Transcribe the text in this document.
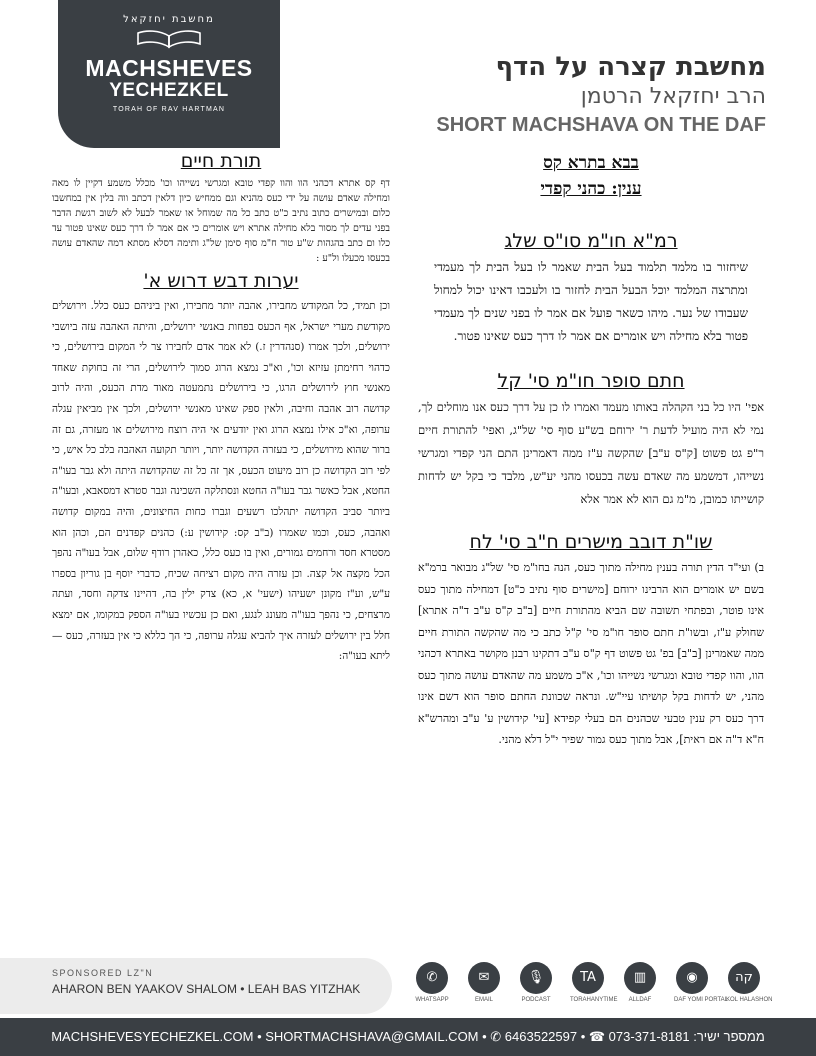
מחשבת יחזקאל
MACHSHEVES
YECHEZKEL
TORAH OF RAV HARTMAN
מחשבת קצרה על הדף
הרב יחזקאל הרטמן
SHORT MACHSHAVA ON THE DAF
בבא בתרא קס
ענין: כהני קפדי
רמ"א חו"מ סו"ס שלג
שיחזור בו מלמד תלמוד בעל הבית שאמר לו בעל הבית לך מעמדי ומתרצה המלמד יוכל הבעל הבית לחזור בו ולעכבו דאינו יכול למחול שעבודו של נער. מיהו כשאר פועל אם אמר לו בפני שנים לך מעמדי פטור בלא מחילה ויש אומרים אם אמר לו דרך כעס שאינו פטור.
חתם סופר חו"מ סי' קל
אפי' היו כל בני הקהלה באותו מעמד ואמרו לו כן על דרך כעס אנו מוחלים לך, נמי לא היה מועיל לדעת ר' ירוחם בש"ע סוף סי' של"ג, ואפי' להתורת חיים ר"פ גט פשוט [ק"ס ע"ב] שהקשה ע"ז ממה דאמרינן התם הני קפדי ומגרשי נשייהו, דמשמע מה שאדם עשה בכעסו מהני יע"ש, מלבד כי בקל יש לדחות קושייתו כמובן, מ"מ גם הוא לא אמר אלא
שו"ת דובב מישרים ח"ב סי' לח
ב) ועי"ד הדין תורה בענין מחילה מתוך כעס, הנה בחו"מ סי' של"ג מבואר ברמ"א בשם יש אומרים הוא הרבינו ירוחם [מישרים סוף נתיב כ"ט] דמחילה מתוך כעס אינו פוטר, ובפתחי תשובה שם הביא מהתורת חיים [ב"ב ק"ס ע"ב ד"ה אתרא] שחולק ע"ז, ובשו"ת חתם סופר חו"מ סי' ק"ל כתב כי מה שהקשה התורת חיים ממה שאמרינן [ב"ב] בפ' גט פשוט דף ק"ס ע"ב דתקינו רבנן מקושר באתרא דכהני הוו, והוו קפדי טובא ומגרשי נשייהו וכו', א"כ משמע מה שהאדם עושה מתוך כעס מהני, יש לדחות בקל קושיתו עיי"ש. ונראה שכוונת החתם סופר הוא דשם אינו דרך כעס רק ענין טבעי שכהנים הם בעלי קפידא [עי' קידושין ע' ע"ב ומהרש"א ח"א ד"ה אם ראית], אבל מתוך כעס גמור שפיר י"ל דלא מהני.
תורת חיים
דף קס אתרא דכהני הוו והוו קפדי טובא ומגרשי נשייהו וכו' מכלל משמע דקיין לו מאה ומחילה שאדם עושה על ידי כעס מהניא וגם ממחיש כיון דלאין דכתב ווה בלין אין במחשבו כלום ובמישרים כתוב נתיב כ"ט כתב כל מה שמוחל או שאמר לבעל לא לשוב רגשת הדבר בפני עדים לך מסור בלא מחילה אתרא ויש אומרים כי אם אמר לו דרך כעס שאינו פטור עד כלו ום כתב בהגהות ש"ע טור ח"מ סוף סימן של"ג ותימה דסלא מסתא דמה שהאדם עושה בכעסו מכעלו ול"ע :
יערות דבש דרוש א'
וכן תמיד, כל המקודש מחבירו, אהבה יותר מחבירו, ואין ביניהם כעס כלל. וירושלים מקודשת מערי ישראל, אף הכעס בפחות באנשי ירושלים, והיתה האהבה עזה ביושבי ירושלים, ולכך אמרו (סנהדרין ז.) לא אמר אדם לחבירו צר לי המקום בירושלים, כי כדהוי רחימתן עזיזא וכו', וא"כ נמצא הרוג סמוך לירושלים, הרי זה בחוקת שאחד מאנשי חוץ לירושלים הרגו, כי בירושלים נתמעטה מאוד מדת הכעס, והיה לרוב קדושה רוב אהבה וחיבה, ולאין ספק שאינו מאנשי ירושלים, ולכך אין מביאין עגלה ערופה, וא"כ אילו נמצא הרוג ואין יודעים אי היה רוצח מירושלים או מעזרה, גם זה ברור שהוא מירושלים, כי בעזרה הקדושה יותר, ויותר תקועה האהבה בלב כל איש, כי לפי רוב הקדושה כן רוב מיעוט הכעס, אך זה כל זה שהקדושה היתה ולא גבר בעו"ה החטא, אבל כאשר גבר בעו"ה החטא ונסתלקה השכינה וגבר סטרא דמסאבא, ובעו"ה ביותר סביב הקדושה יתהלכו רשעים וגברו כחות החיצונים, והיה במקום קדושה ואהבה, כעס, וכמו שאמרו (ב"ב קס: קידושין ע:) כהנים קפדנים הם, וכהן הוא מסטרא חסד ורחמים גמורים, ואין בו כעס כלל, כאהרן רודף שלום, אבל בעו"ה נהפך הכל מקצה אל קצה. וכן עזרה היה מקום רציחה שכיח, כדברי יוסף בן גוריון בספרו ע"ש, וע"ז מקונן ישעיהו (ישעי' א, כא) צדק ילין בה, דהיינו צדקה וחסד, ועתה מרצחים, כי נהפך בעו"ה מעונג לנגע, ואם כן עכשיו בעו"ה הספק במקומו, אם ימצא חלל בין ירושלים לעזרה איך להביא עגלה ערופה, כי הך כללא כי אין בעזרה, כעס — ליתא בעו"ה:
SPONSORED LZ"N
AHARON BEN YAAKOV SHALOM • LEAH BAS YITZHAK
✆
WHATSAPP
✉
EMAIL
🎙
PODCAST
TA
TORAHANYTIME
▥
ALLDAF
◉
DAF YOMI PORTAL
קה
KOL HALASHON
MACHSHEVESYECHEZKEL.COM • SHORTMACHSHAVA@GMAIL.COM • ✆ 6463522597 • ☎ 073-371-8181 :ממספר ישיר
